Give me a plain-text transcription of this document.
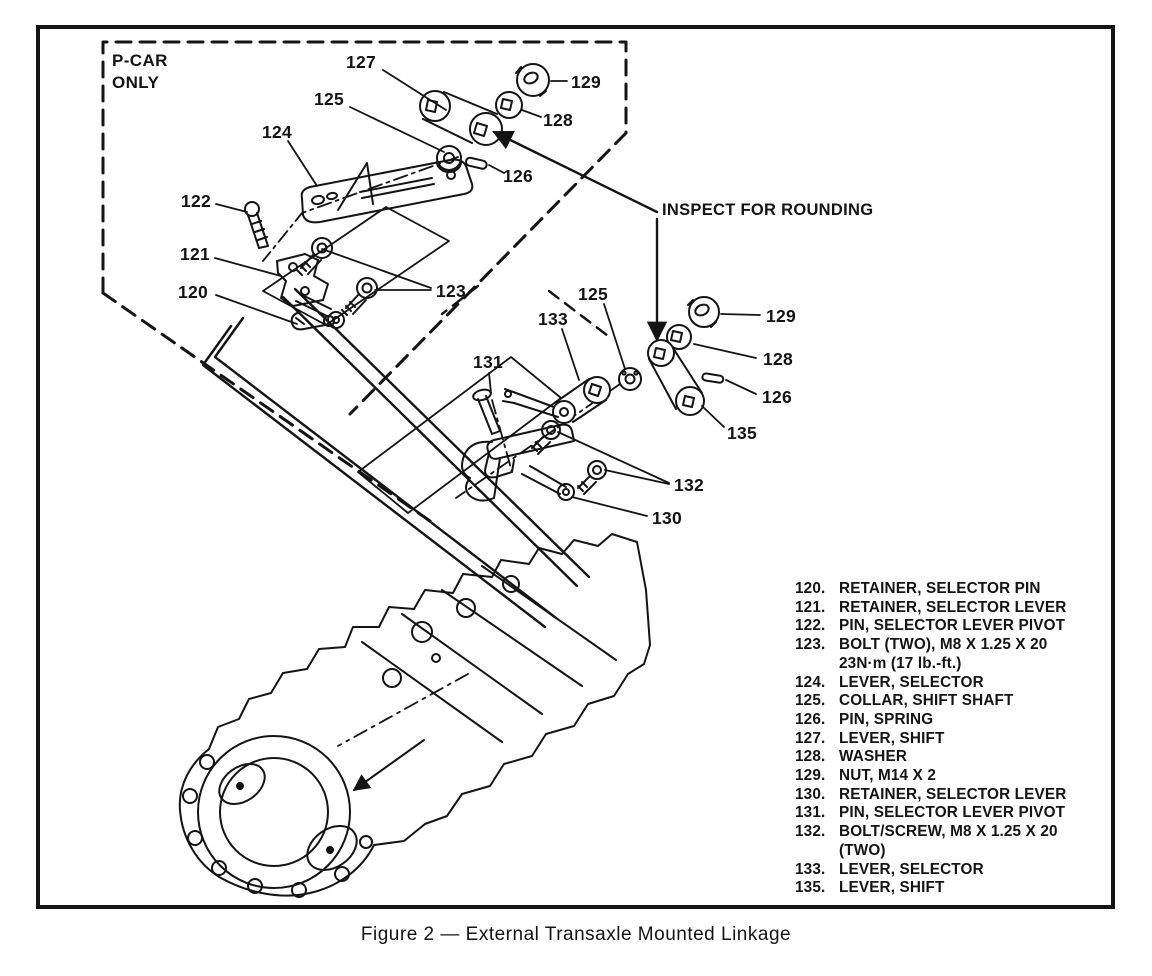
127
125
129
128
126
124
122
121
120	123
131
133
125
129
128
126
135
132
130
P-CAR
ONLY
INSPECT FOR ROUNDING
120. RETAINER, SELECTOR PIN
121. RETAINER, SELECTOR LEVER
122. PIN, SELECTOR LEVER PIVOT
123. BOLT (TWO), M8 X 1.25 X 20
23N·m (17 lb.-ft.)
124. LEVER, SELECTOR
125. COLLAR, SHIFT SHAFT
126. PIN, SPRING
127. LEVER, SHIFT
128. WASHER
129. NUT, M14 X 2
130. RETAINER, SELECTOR LEVER
131. PIN, SELECTOR LEVER PIVOT
132. BOLT/SCREW, M8 X 1.25 X 20
(TWO)
133. LEVER, SELECTOR
135. LEVER, SHIFT
Figure 2 — External Transaxle Mounted Linkage
